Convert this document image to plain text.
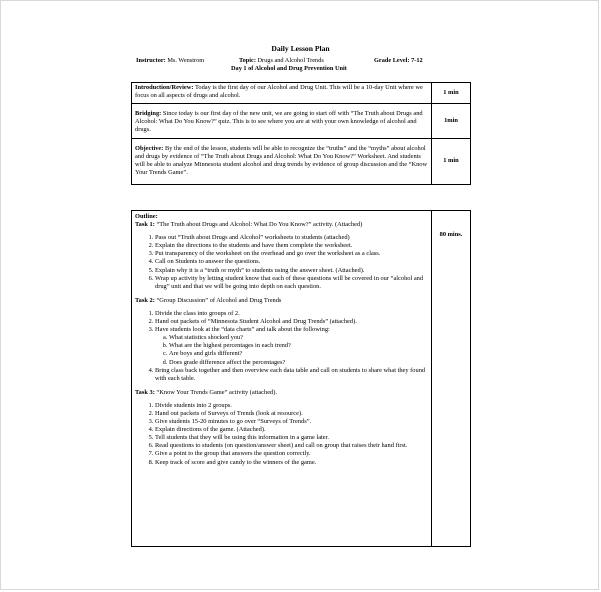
Daily Lesson Plan
Instructor: Ms. Wenstrom	Topic: Drugs and Alcohol Trends	Grade Level: 7-12
Day 1 of Alcohol and Drug Prevention Unit
Introduction/Review: Today is the first day of our Alcohol and Drug Unit. This will be a 10-day Unit where we focus on all aspects of drugs and alcohol.	1 min
Bridging: Since today is our first day of the new unit, we are going to start off with “The Truth about Drugs and Alcohol: What Do You Know?” quiz. This is to see where you are at with your own knowledge of alcohol and drugs.	1min
Objective: By the end of the lesson, students will be able to recognize the “truths” and the “myths” about alcohol and drugs by evidence of “The Truth about Drugs and Alcohol: What Do You Know?” Worksheet. And students will be able to analyze Minnesota student alcohol and drug trends by evidence of group discussion and the “Know Your Trends Game”.	1 min
Outline:
Task 1: “The Truth about Drugs and Alcohol: What Do You Know?” activity. (Attached)
1. Pass out “Truth about Drugs and Alcohol” worksheets to students (attached)
2. Explain the directions to the students and have them complete the worksheet.
3. Put transparency of the worksheet on the overhead and go over the worksheet as a class.
4. Call on Students to answer the questions.
5. Explain why it is a “truth or myth” to students using the answer sheet. (Attached).
6. Wrap up activity by letting student know that each of these questions will be covered in our “alcohol and drug” unit and that we will be going into depth on each question.
Task 2: “Group Discussion” of Alcohol and Drug Trends
1. Divide the class into groups of 2.
2. Hand out packets of “Minnesota Student Alcohol and Drug Trends” (attached).
3. Have students look at the “data charts” and talk about the following:
a. What statistics shocked you?
b. What are the highest percentages in each trend?
c. Are boys and girls different?
d. Does grade difference affect the percentages?
4. Bring class back together and then overview each data table and call on students to share what they found with each table.
Task 3: “Know Your Trends Game” activity (attached).
1. Divide students into 2 groups.
2. Hand out packets of Surveys of Trends (look at resource).
3. Give students 15-20 minutes to go over “Surveys of Trends”.
4. Explain directions of the game. (Attached).
5. Tell students that they will be using this information in a game later.
6. Read questions to students (on question/answer sheet) and call on group that raises their hand first.
7. Give a point to the group that answers the question correctly.
8. Keep track of score and give candy to the winners of the game.
	80 mins.
